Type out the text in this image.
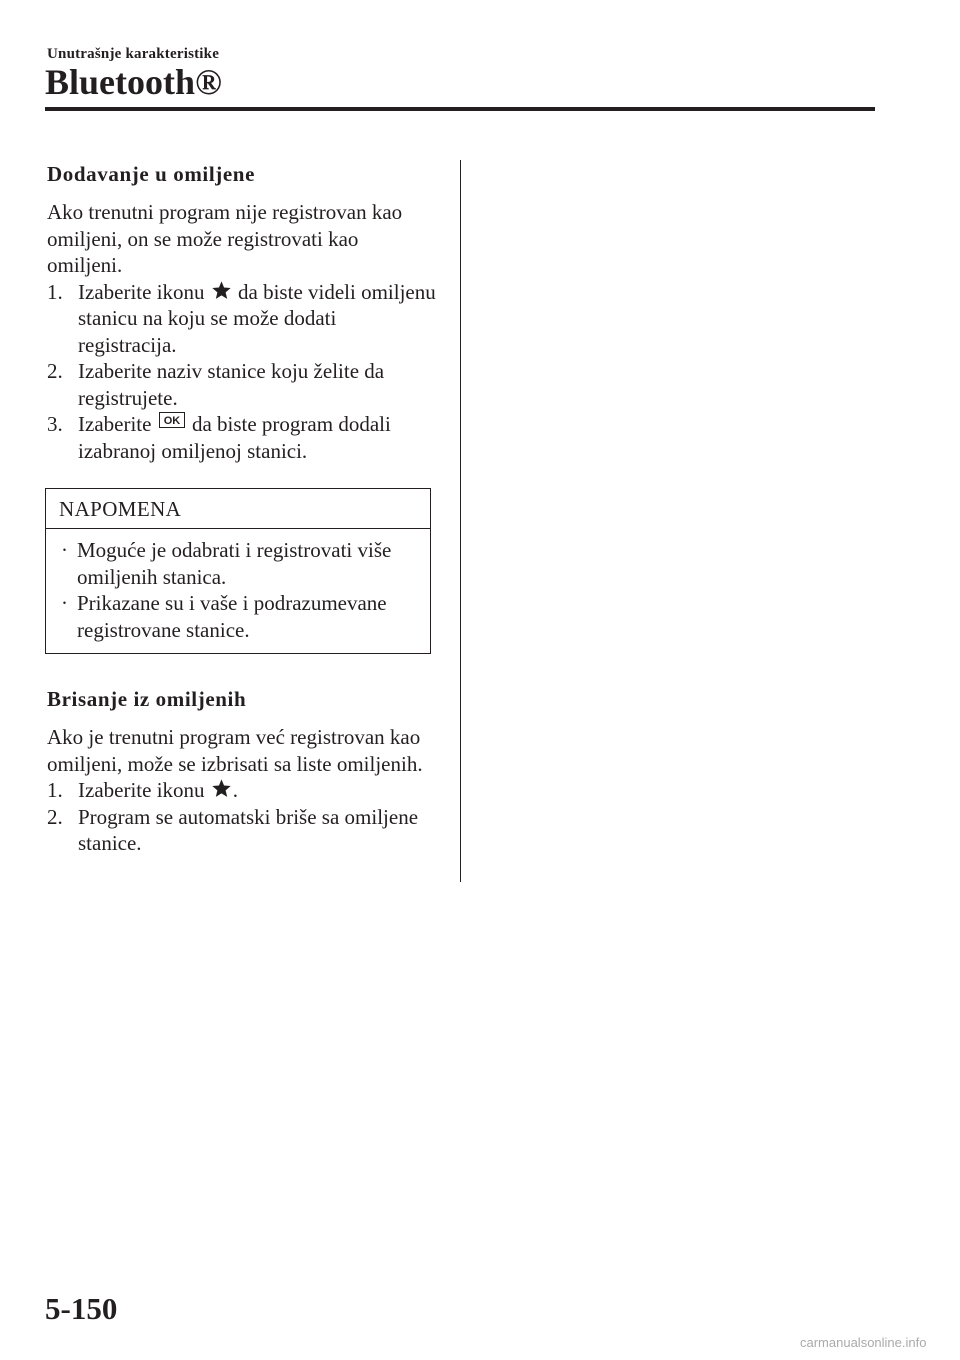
Unutrašnje karakteristike
Bluetooth®
Dodavanje u omiljene

Ako trenutni program nije registrovan kao omiljeni, on se može registrovati kao omiljeni.

1. Izaberite ikonu da biste videli omiljenu stanicu na koju se može dodati registracija.
2. Izaberite naziv stanice koju želite da registrujete.
3. Izaberite OK da biste program dodali izabranoj omiljenoj stanici.
NAPOMENA

· Moguće je odabrati i registrovati više omiljenih stanica.

· Prikazane su i vaše i podrazumevane registrovane stanice.

Brisanje iz omiljenih

Ako je trenutni program već registrovan kao omiljeni, može se izbrisati sa liste omiljenih.

1. Izaberite ikonu .
2. Program se automatski briše sa omiljene stanice.
5-150
carmanualsonline.info
